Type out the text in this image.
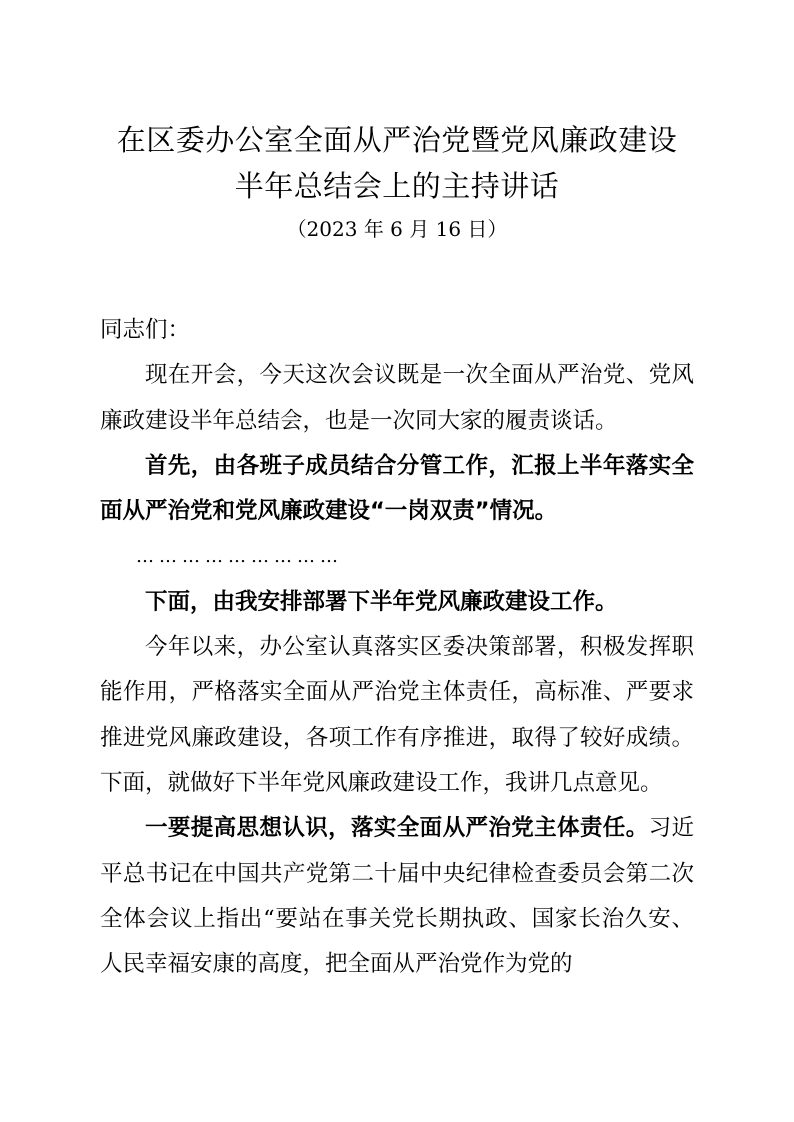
在区委办公室全面从严治党暨党风廉政建设
半年总结会上的主持讲话
（2023 年 6 月 16 日）

同志们：

现在开会，今天这次会议既是一次全面从严治党、党风廉政建设半年总结会，也是一次同大家的履责谈话。

首先，由各班子成员结合分管工作，汇报上半年落实全面从严治党和党风廉政建设“一岗双责”情况。

………………………

下面，由我安排部署下半年党风廉政建设工作。

今年以来，办公室认真落实区委决策部署，积极发挥职能作用，严格落实全面从严治党主体责任，高标准、严要求推进党风廉政建设，各项工作有序推进，取得了较好成绩。下面，就做好下半年党风廉政建设工作，我讲几点意见。

一要提高思想认识，落实全面从严治党主体责任。习近平总书记在中国共产党第二十届中央纪律检查委员会第二次全体会议上指出“要站在事关党长期执政、国家长治久安、人民幸福安康的高度，把全面从严治党作为党的
